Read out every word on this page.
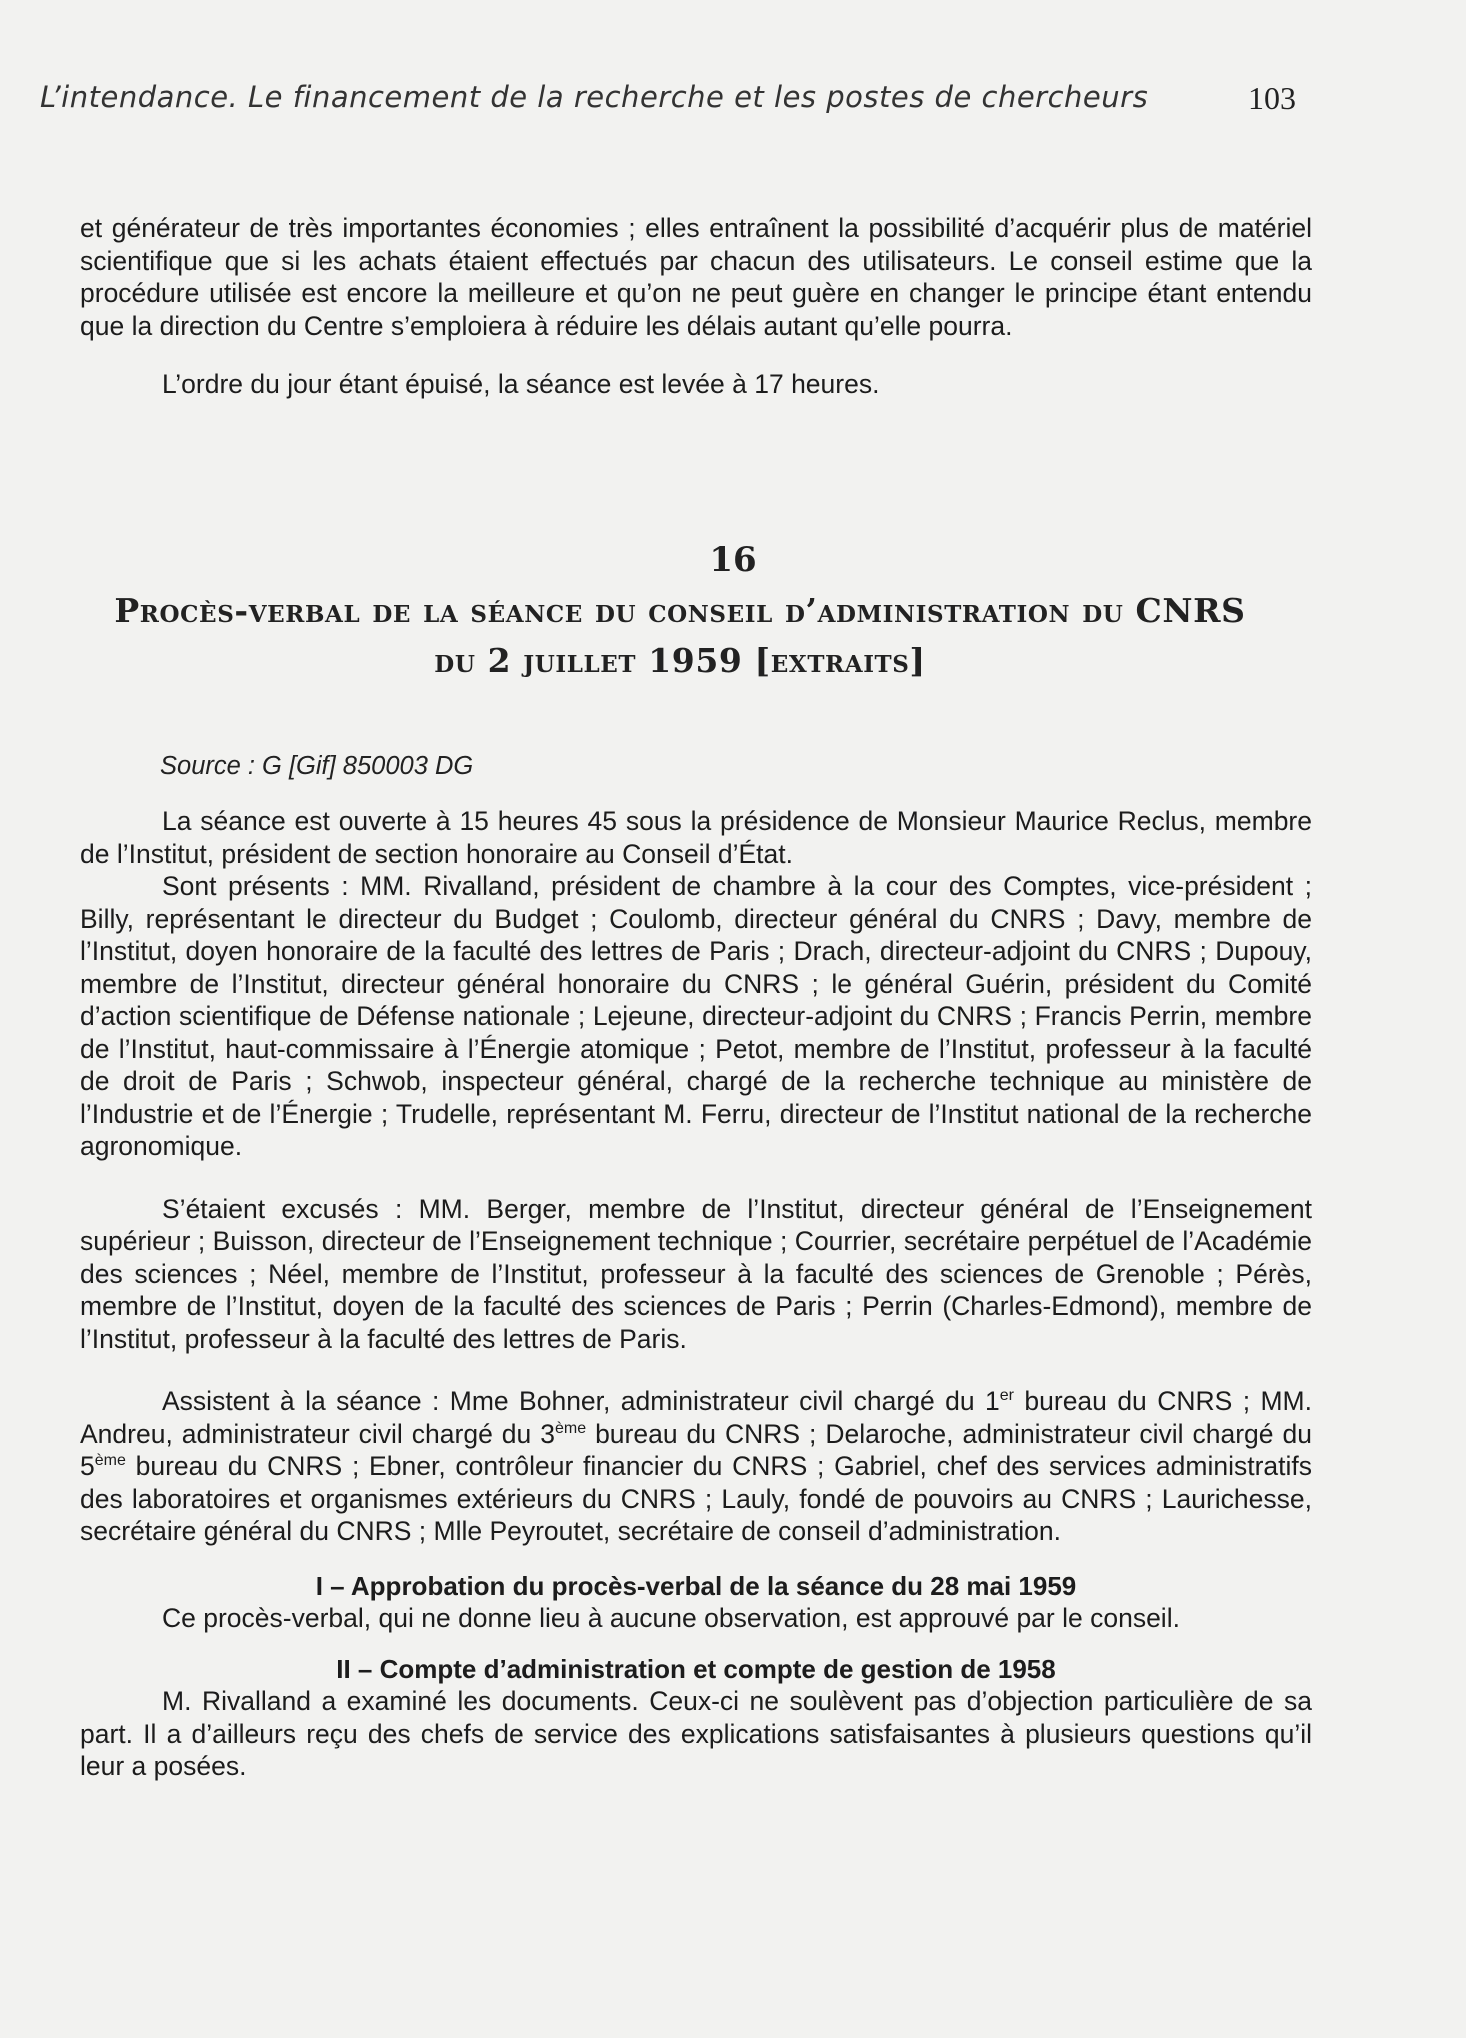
L’intendance. Le financement de la recherche et les postes de chercheurs	103

et générateur de très importantes économies ; elles entraînent la possibilité d’acquérir plus de matériel scientifique que si les achats étaient effectués par chacun des utilisateurs. Le conseil estime que la procédure utilisée est encore la meilleure et qu’on ne peut guère en changer le principe étant entendu que la direction du Centre s’emploiera à réduire les délais autant qu’elle pourra.

L’ordre du jour étant épuisé, la séance est levée à 17 heures.

16
Procès-verbal de la séance du conseil d’administration du CNRS
du 2 juillet 1959 [extraits]
Source : G [Gif] 850003 DG

La séance est ouverte à 15 heures 45 sous la présidence de Monsieur Maurice Reclus, membre de l’Institut, président de section honoraire au Conseil d’État.

Sont présents : MM. Rivalland, président de chambre à la cour des Comptes, vice-président ; Billy, représentant le directeur du Budget ; Coulomb, directeur général du CNRS ; Davy, membre de l’Institut, doyen honoraire de la faculté des lettres de Paris ; Drach, directeur-adjoint du CNRS ; Dupouy, membre de l’Institut, directeur général honoraire du CNRS ; le général Guérin, président du Comité d’action scientifique de Défense nationale ; Lejeune, directeur-adjoint du CNRS ; Francis Perrin, membre de l’Institut, haut-commissaire à l’Énergie atomique ; Petot, membre de l’Institut, professeur à la faculté de droit de Paris ; Schwob, inspecteur général, chargé de la recherche technique au ministère de l’Industrie et de l’Énergie ; Trudelle, représentant M. Ferru, directeur de l’Institut national de la recherche agronomique.

S’étaient excusés : MM. Berger, membre de l’Institut, directeur général de l’Enseignement supérieur ; Buisson, directeur de l’Enseignement technique ; Courrier, secrétaire perpétuel de l’Académie des sciences ; Néel, membre de l’Institut, professeur à la faculté des sciences de Grenoble ; Pérès, membre de l’Institut, doyen de la faculté des sciences de Paris ; Perrin (Charles-Edmond), membre de l’Institut, professeur à la faculté des lettres de Paris.

Assistent à la séance : Mme Bohner, administrateur civil chargé du 1er bureau du CNRS ; MM. Andreu, administrateur civil chargé du 3ème bureau du CNRS ; Delaroche, administrateur civil chargé du 5ème bureau du CNRS ; Ebner, contrôleur financier du CNRS ; Gabriel, chef des services administratifs des laboratoires et organismes extérieurs du CNRS ; Lauly, fondé de pouvoirs au CNRS ; Laurichesse, secrétaire général du CNRS ; Mlle Peyroutet, secrétaire de conseil d’administration.

I – Approbation du procès-verbal de la séance du 28 mai 1959

Ce procès-verbal, qui ne donne lieu à aucune observation, est approuvé par le conseil.

II – Compte d’administration et compte de gestion de 1958

M. Rivalland a examiné les documents. Ceux-ci ne soulèvent pas d’objection particulière de sa part. Il a d’ailleurs reçu des chefs de service des explications satisfaisantes à plusieurs questions qu’il leur a posées.
